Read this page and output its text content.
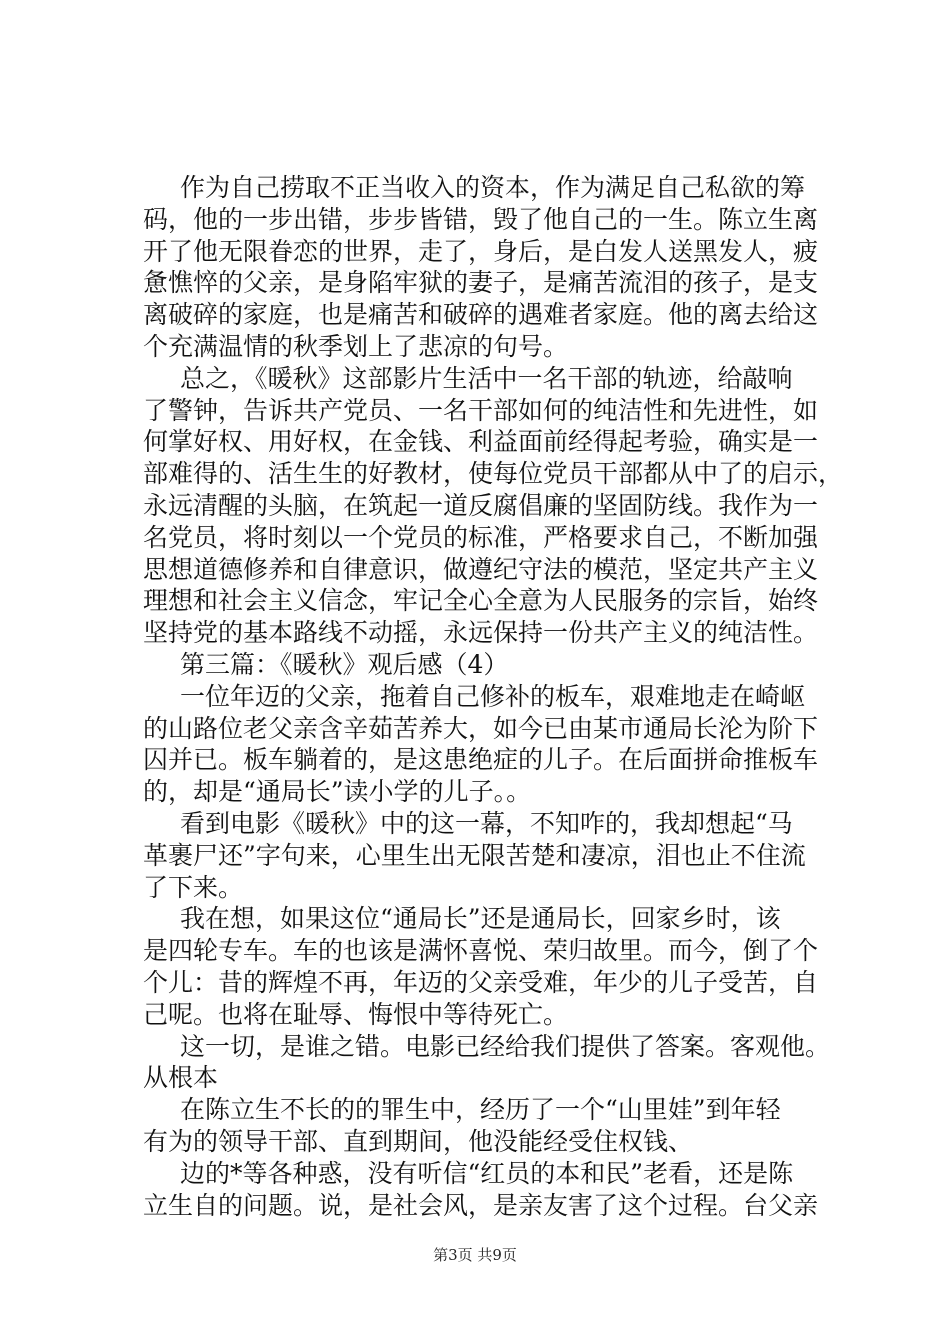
作为自己捞取不正当收入的资本，作为满足自己私欲的筹
码，他的一步出错，步步皆错，毁了他自己的一生。陈立生离
开了他无限眷恋的世界，走了，身后，是白发人送黑发人，疲
惫憔悴的父亲，是身陷牢狱的妻子，是痛苦流泪的孩子，是支
离破碎的家庭，也是痛苦和破碎的遇难者家庭。他的离去给这
个充满温情的秋季划上了悲凉的句号。
总之，《暖秋》这部影片生活中一名干部的轨迹，给敲响
了警钟，告诉共产党员、一名干部如何的纯洁性和先进性，如
何掌好权、用好权，在金钱、利益面前经得起考验，确实是一
部难得的、活生生的好教材，使每位党员干部都从中了的启示，
永远清醒的头脑，在筑起一道反腐倡廉的坚固防线。我作为一
名党员，将时刻以一个党员的标准，严格要求自己，不断加强
思想道德修养和自律意识，做遵纪守法的模范，坚定共产主义
理想和社会主义信念，牢记全心全意为人民服务的宗旨，始终
坚持党的基本路线不动摇，永远保持一份共产主义的纯洁性。
第三篇：《暖秋》观后感（4）
一位年迈的父亲，拖着自己修补的板车，艰难地走在崎岖
的山路位老父亲含辛茹苦养大，如今已由某市通局长沦为阶下
囚并已。板车躺着的，是这患绝症的儿子。在后面拼命推板车
的，却是“通局长”读小学的儿子。。
看到电影《暖秋》中的这一幕，不知咋的，我却想起“马
革裹尸还”字句来，心里生出无限苦楚和凄凉，泪也止不住流
了下来。
我在想，如果这位“通局长”还是通局长，回家乡时，该
是四轮专车。车的也该是满怀喜悦、荣归故里。而今，倒了个
个儿：昔的辉煌不再，年迈的父亲受难，年少的儿子受苦，自
己呢。也将在耻辱、悔恨中等待死亡。
这一切，是谁之错。电影已经给我们提供了答案。客观他。
从根本
在陈立生不长的的罪生中，经历了一个“山里娃”到年轻
有为的领导干部、直到期间，他没能经受住权钱、
边的*等各种惑，没有听信“红员的本和民”老看，还是陈
立生自的问题。说，是社会风，是亲友害了这个过程。台父亲
第3页 共9页
